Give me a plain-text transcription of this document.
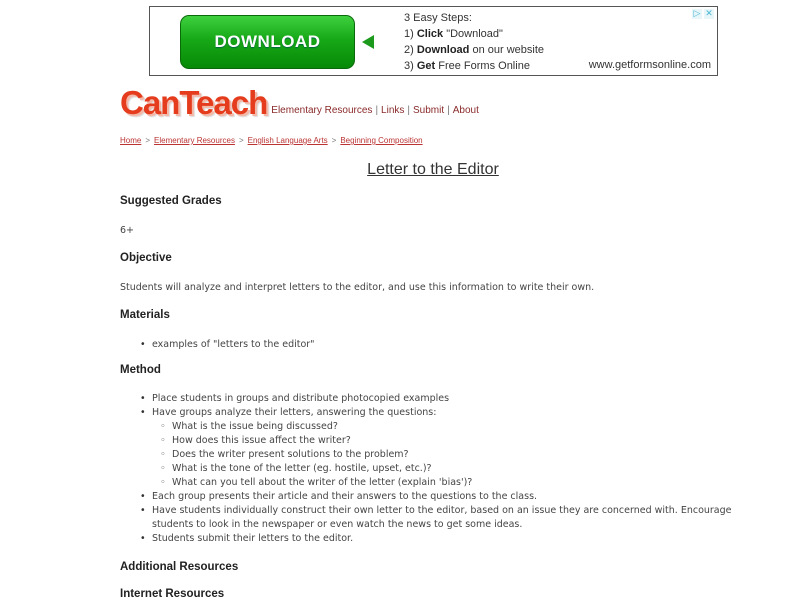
DOWNLOAD
3 Easy Steps:
1) Click "Download"
2) Download on our website
3) Get Free Forms Online	www.getformsonline.com
▷ ✕
CanTeach Elementary Resources | Links | Submit | About
Home > Elementary Resources > English Language Arts > Beginning Composition
Letter to the Editor
Suggested Grades

6+

Objective

Students will analyze and interpret letters to the editor, and use this information to write their own.

Materials
• examples of "letters to the editor"
Method
• Place students in groups and distribute photocopied examples
• Have groups analyze their letters, answering the questions:
◦ What is the issue being discussed?
◦ How does this issue affect the writer?
◦ Does the writer present solutions to the problem?
◦ What is the tone of the letter (eg. hostile, upset, etc.)?
◦ What can you tell about the writer of the letter (explain 'bias')?
• Each group presents their article and their answers to the questions to the class.
• Have students individually construct their own letter to the editor, based on an issue they are concerned with. Encourage students to look in the newspaper or even watch the news to get some ideas.
• Students submit their letters to the editor.
Additional Resources
Internet Resources
